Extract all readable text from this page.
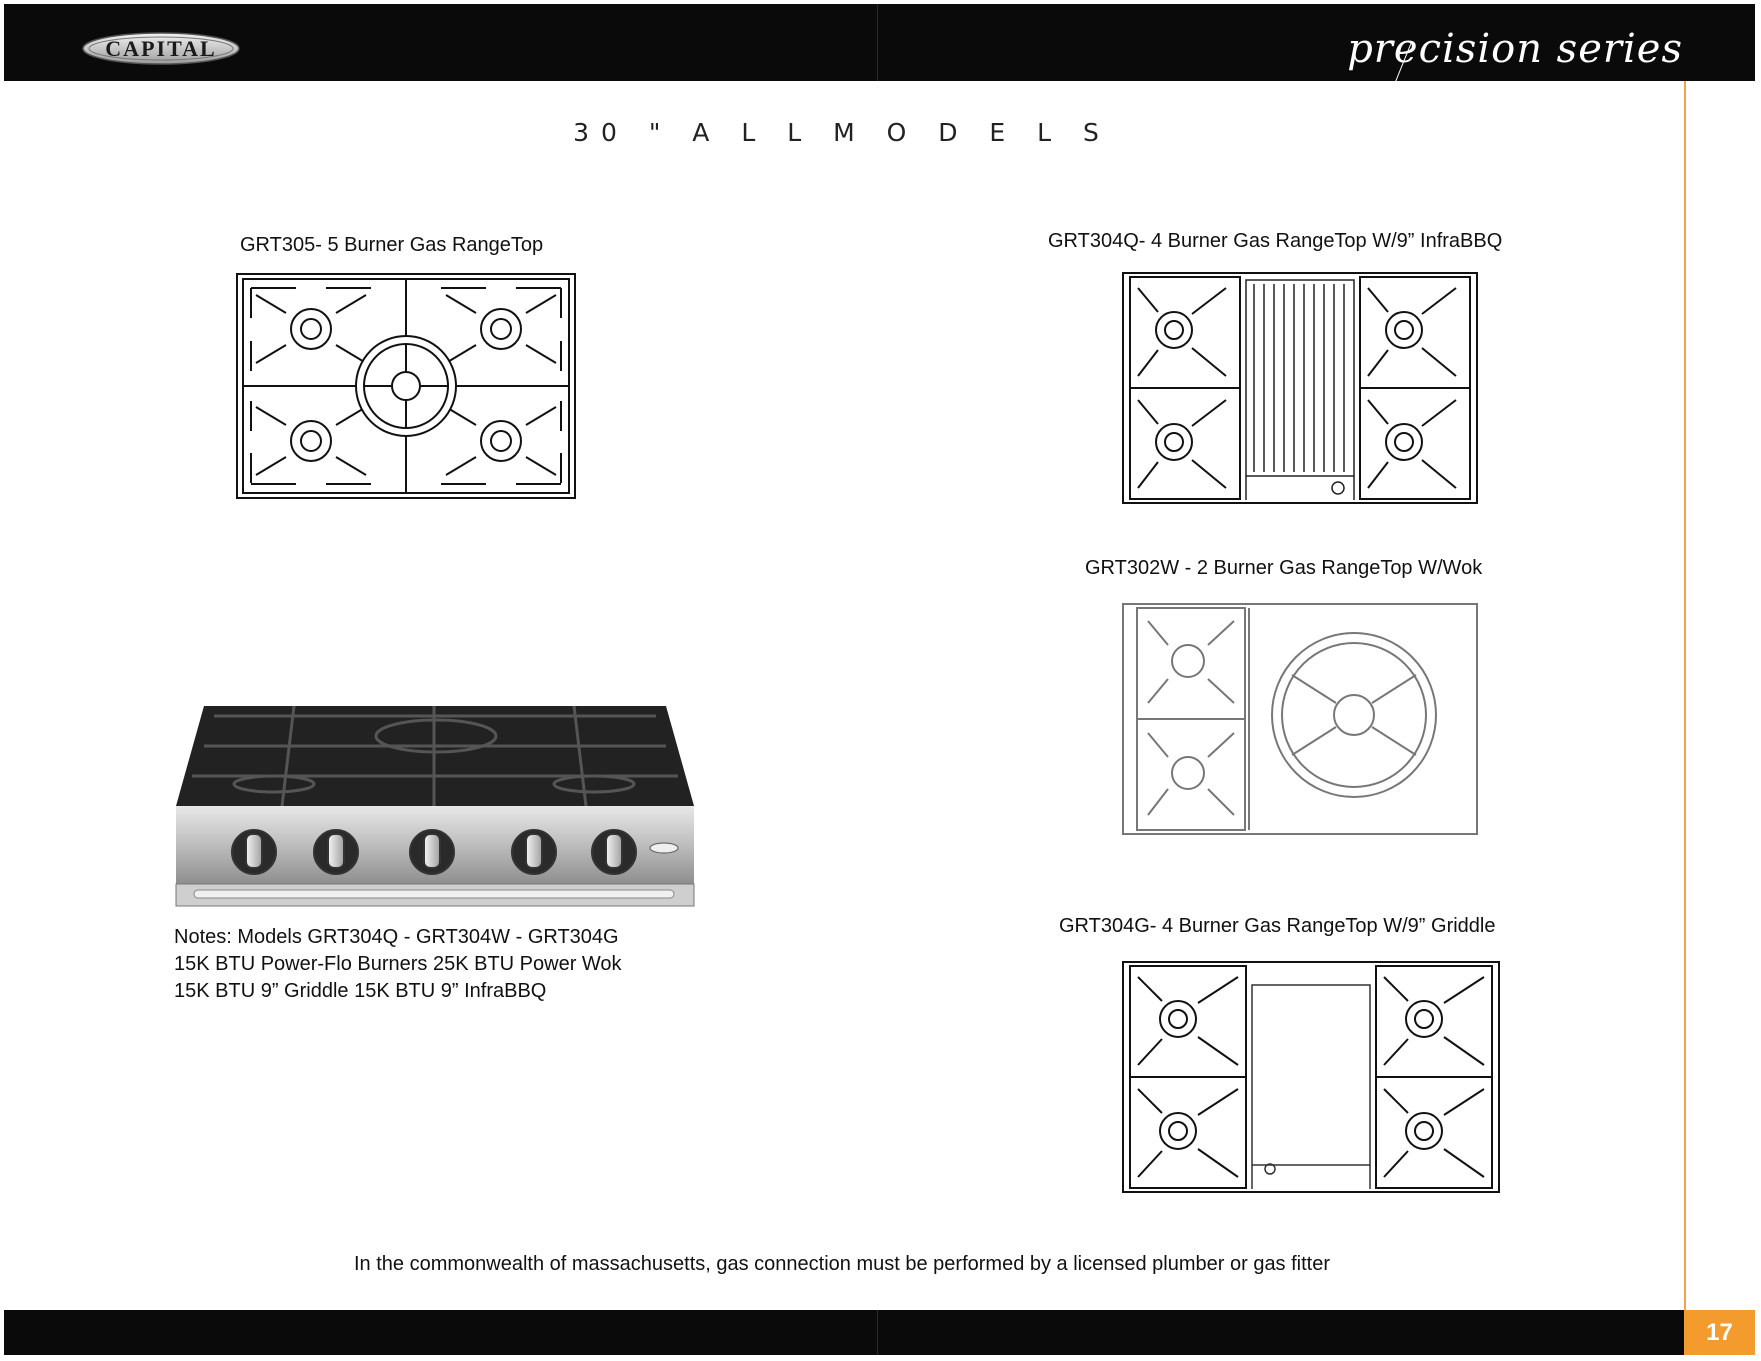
CAPITAL	precision series
30 " A L L M O D E L S
GRT305- 5 Burner Gas RangeTop	GRT304Q- 4 Burner Gas RangeTop W/9” InfraBBQ
GRT302W - 2 Burner Gas RangeTop W/Wok
GRT304G- 4 Burner Gas RangeTop W/9” Griddle
Notes: Models GRT304Q - GRT304W - GRT304G
15K BTU Power-Flo Burners 25K BTU Power Wok
15K BTU 9” Griddle 15K BTU 9” InfraBBQ
In the commonwealth of massachusetts, gas connection must be performed by a licensed plumber or gas fitter
17
